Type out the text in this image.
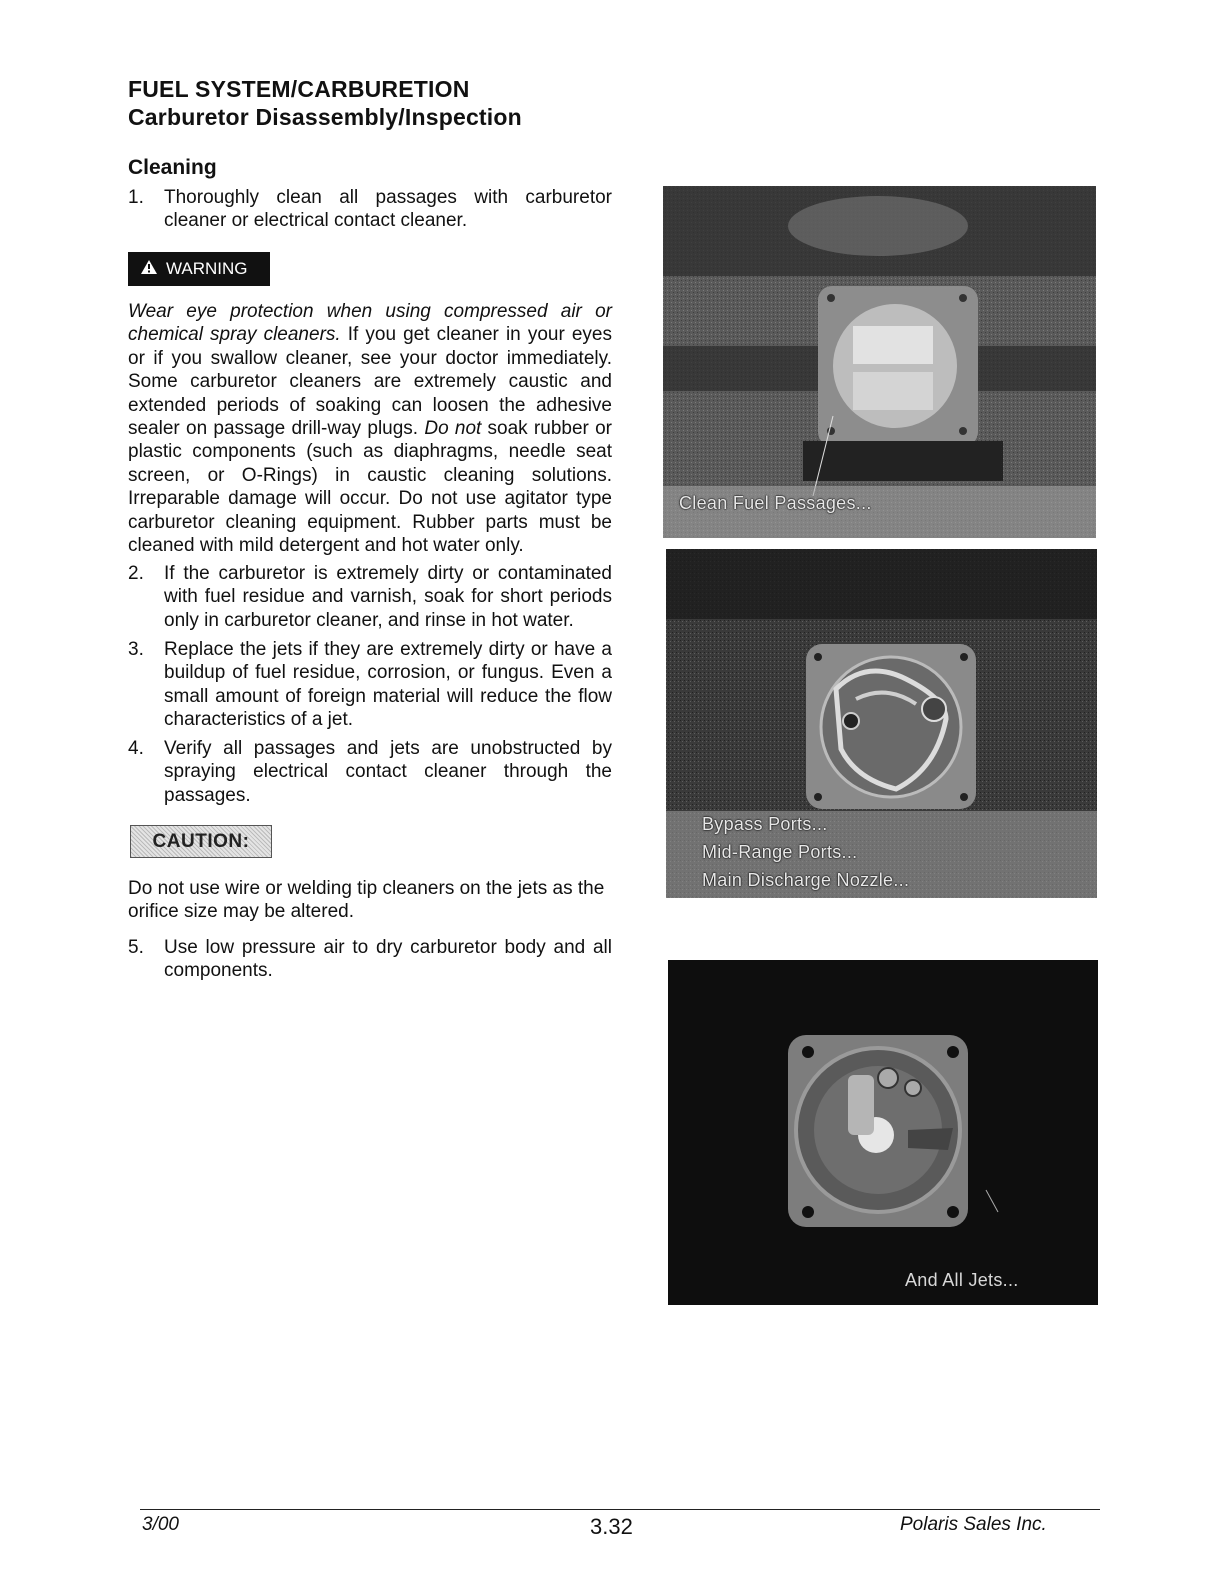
FUEL SYSTEM/CARBURETION
Carburetor Disassembly/Inspection
Cleaning
1.	Thoroughly clean all passages with carburetor cleaner or electrical contact cleaner.
WARNING
Wear eye protection when using compressed air or chemical spray cleaners. If you get cleaner in your eyes or if you swallow cleaner, see your doctor immediately. Some carburetor cleaners are extremely caustic and extended periods of soaking can loosen the adhesive sealer on passage drill-way plugs. Do not soak rubber or plastic components (such as diaphragms, needle seat screen, or O-Rings) in caustic cleaning solutions. Irreparable damage will occur. Do not use agitator type carburetor cleaning equipment. Rubber parts must be cleaned with mild detergent and hot water only.
2.	If the carburetor is extremely dirty or contaminated with fuel residue and varnish, soak for short periods only in carburetor cleaner, and rinse in hot water.
3.	Replace the jets if they are extremely dirty or have a buildup of fuel residue, corrosion, or fungus. Even a small amount of foreign material will reduce the flow characteristics of a jet.
4.	Verify all passages and jets are unobstructed by spraying electrical contact cleaner through the passages.
CAUTION:
Do not use wire or welding tip cleaners on the jets as the orifice size may be altered.
5.	Use low pressure air to dry carburetor body and all components.
Clean Fuel Passages...
Bypass Ports...
Mid-Range Ports...
Main Discharge Nozzle...
And All Jets...
3/00	3.32	Polaris Sales Inc.
